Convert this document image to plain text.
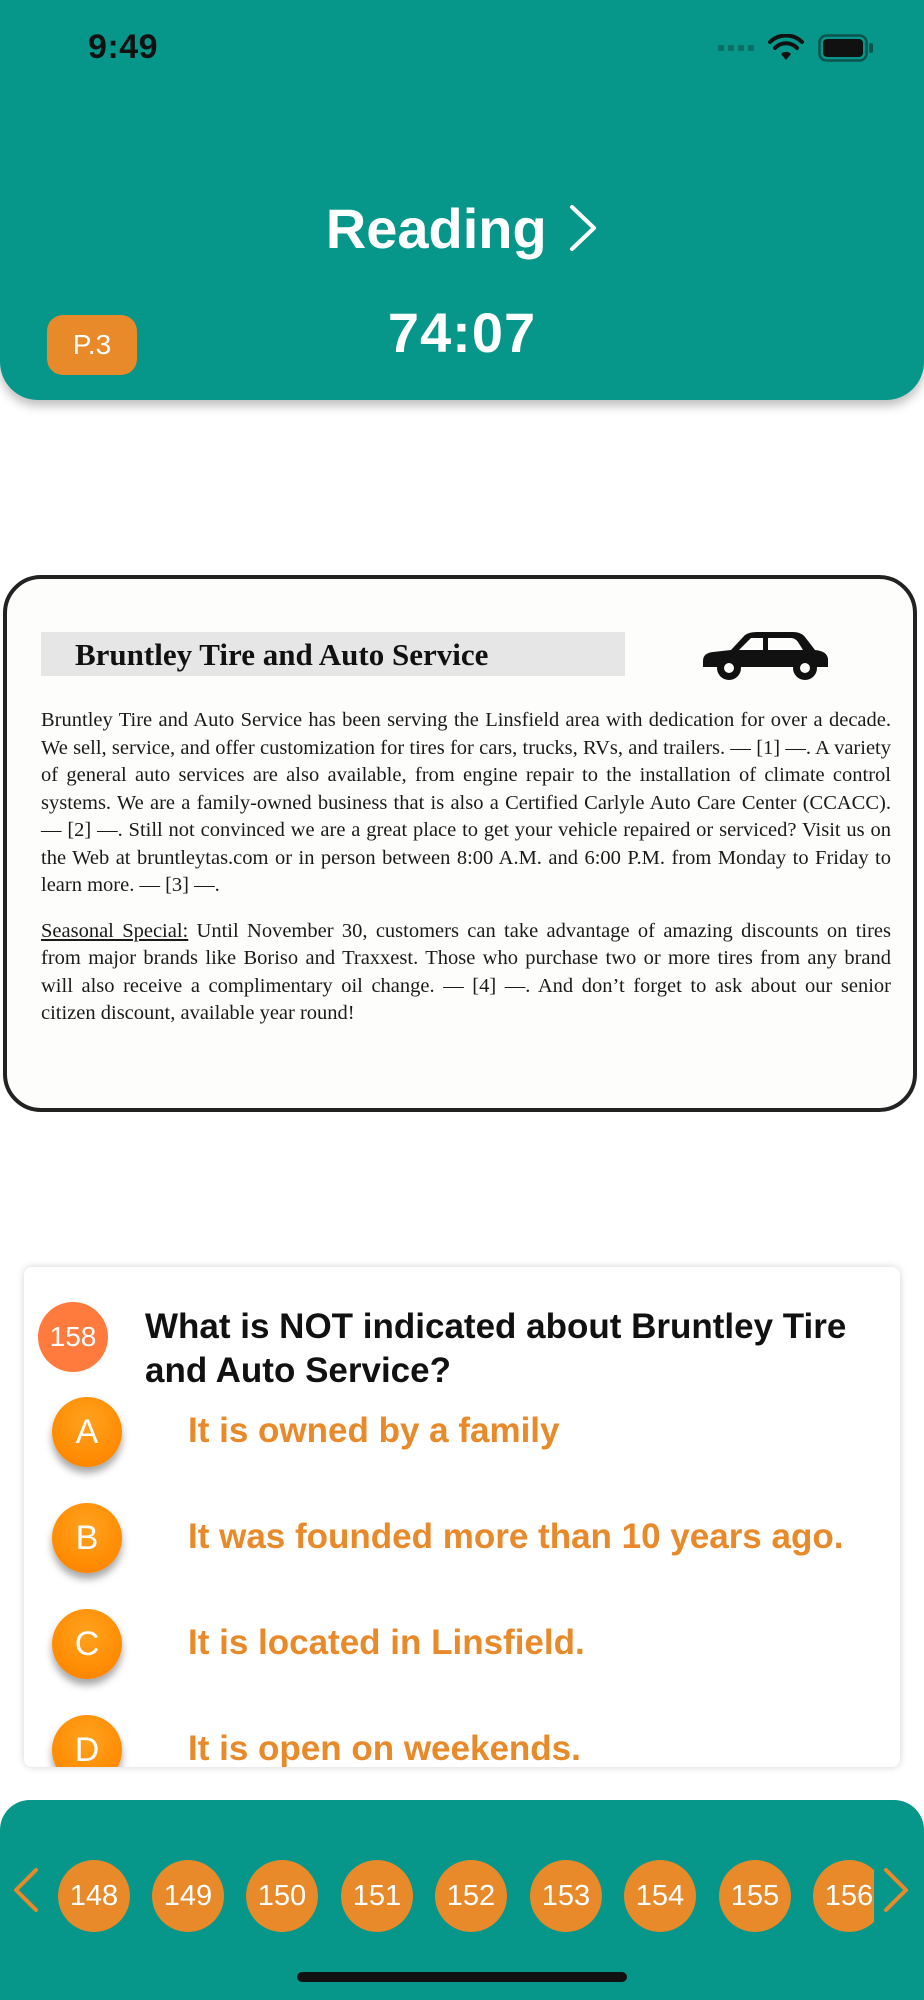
9:49
Reading
74:07
P.3
Bruntley Tire and Auto Service

Bruntley Tire and Auto Service has been serving the Linsfield area with dedication for over a decade. We sell, service, and offer customization for tires for cars, trucks, RVs, and trailers. — [1] —. A variety of general auto services are also available, from engine repair to the installation of climate control systems. We are a family-owned business that is also a Certified Carlyle Auto Care Center (CCACC). — [2] —. Still not convinced we are a great place to get your vehicle repaired or serviced? Visit us on the Web at bruntleytas.com or in person between 8:00 A.M. and 6:00 P.M. from Monday to Friday to learn more. — [3] —.

Seasonal Special: Until November 30, customers can take advantage of amazing discounts on tires from major brands like Boriso and Traxxest. Those who purchase two or more tires from any brand will also receive a complimentary oil change. — [4] —. And don’t forget to ask about our senior citizen discount, available year round!

158	What is NOT indicated about Bruntley Tire and Auto Service?
A	It is owned by a family
B	It was founded more than 10 years ago.
C	It is located in Linsfield.
D	It is open on weekends.
148	149	150	151	152	153	154	155	156
